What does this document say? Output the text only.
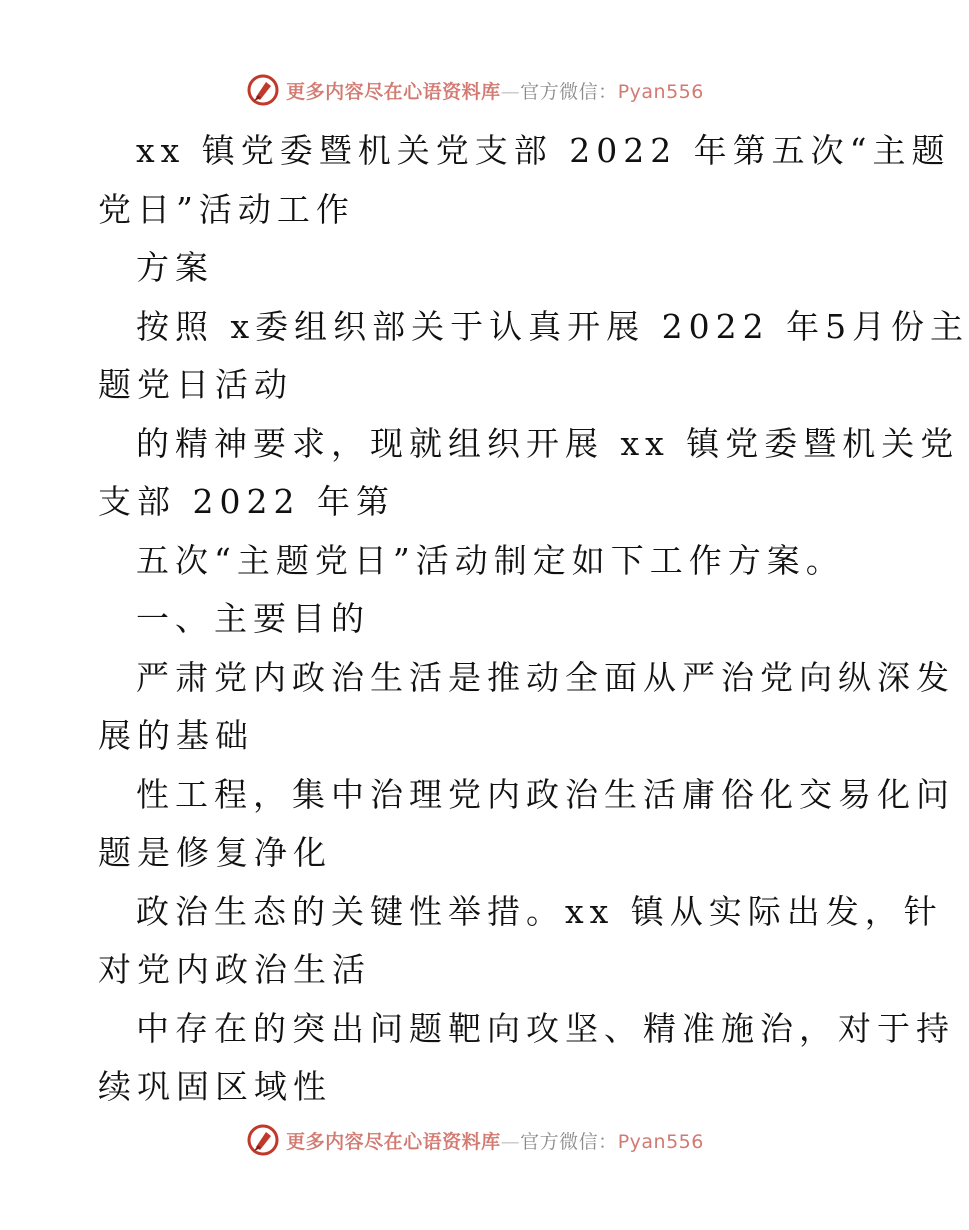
更多内容尽在心语资料库—官方微信：Pyan556
xx 镇党委暨机关党支部 2022 年第五次“主题
党日”活动工作
方案
按照 x委组织部关于认真开展 2022 年5月份主
题党日活动
的精神要求，现就组织开展 xx 镇党委暨机关党
支部 2022 年第
五次“主题党日”活动制定如下工作方案。
一、主要目的
严肃党内政治生活是推动全面从严治党向纵深发
展的基础
性工程，集中治理党内政治生活庸俗化交易化问
题是修复净化
政治生态的关键性举措。xx 镇从实际出发，针
对党内政治生活
中存在的突出问题靶向攻坚、精准施治，对于持
续巩固区域性
更多内容尽在心语资料库—官方微信：Pyan556
